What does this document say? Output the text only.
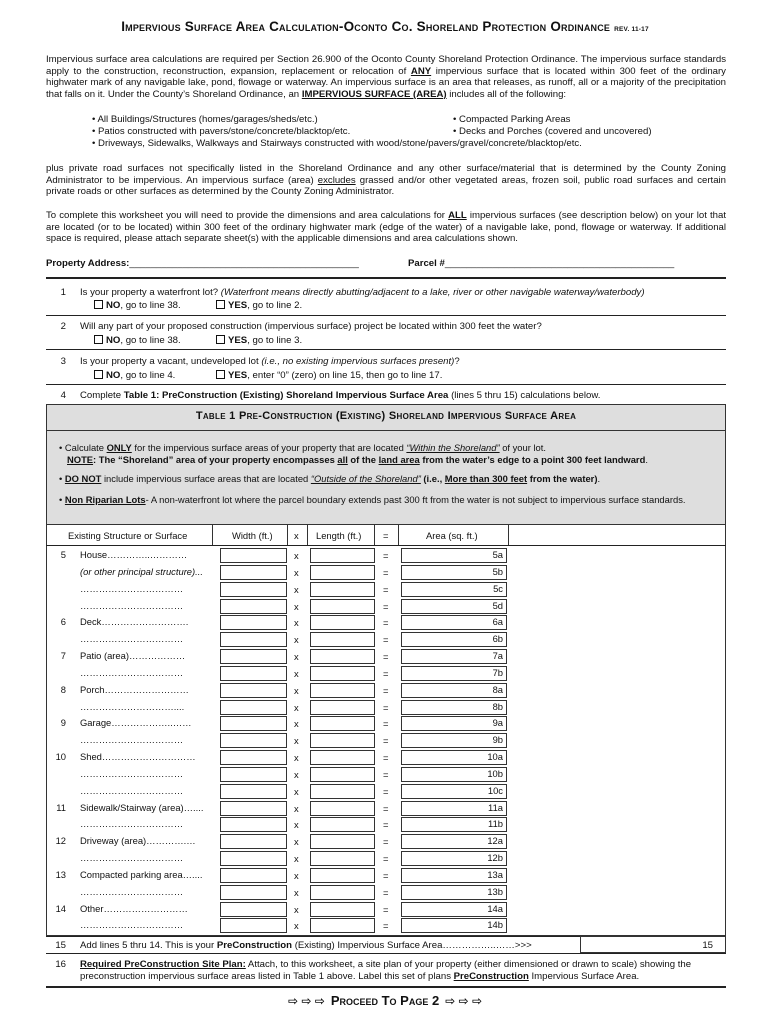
Impervious Surface Area Calculation-Oconto Co. Shoreland Protection Ordinance REV. 11-17
Impervious surface area calculations are required per Section 26.900 of the Oconto County Shoreland Protection Ordinance. The impervious surface standards apply to the construction, reconstruction, expansion, replacement or relocation of ANY impervious surface that is located within 300 feet of the ordinary highwater mark of any navigable lake, pond, flowage or waterway. An impervious surface is an area that releases, as runoff, all or a majority of the precipitation that falls on it. Under the County’s Shoreland Ordinance, an IMPERVIOUS SURFACE (AREA) includes all of the following:
• All Buildings/Structures (homes/garages/sheds/etc.)
• Patios constructed with pavers/stone/concrete/blacktop/etc.
• Compacted Parking Areas
• Decks and Porches (covered and uncovered)
• Driveways, Sidewalks, Walkways and Stairways constructed with wood/stone/pavers/gravel/concrete/blacktop/etc.
plus private road surfaces not specifically listed in the Shoreland Ordinance and any other surface/material that is determined by the County Zoning Administrator to be impervious. An impervious surface (area) excludes grassed and/or other vegetated areas, frozen soil, public road surfaces and certain private roads or other surfaces as determined by the County Zoning Administrator.
To complete this worksheet you will need to provide the dimensions and area calculations for ALL impervious surfaces (see description below) on your lot that are located (or to be located) within 300 feet of the ordinary highwater mark (edge of the water) of a navigable lake, pond, flowage or waterway. If additional space is required, please attach separate sheet(s) with the applicable dimensions and area calculations shown.
Property Address:___________________________________________	Parcel #___________________________________________
1 Is your property a waterfront lot? (Waterfront means directly abutting/adjacent to a lake, river or other navigable waterway/waterbody)
NO, go to line 38.	YES, go to line 2.
2 Will any part of your proposed construction (impervious surface) project be located within 300 feet the water?
NO, go to line 38.	YES, go to line 3.
3 Is your property a vacant, undeveloped lot (i.e., no existing impervious surfaces present)?
NO, go to line 4.	YES, enter “0” (zero) on line 15, then go to line 17.
4 Complete Table 1: PreConstruction (Existing) Shoreland Impervious Surface Area (lines 5 thru 15) calculations below.
Table 1 Pre-Construction (Existing) Shoreland Impervious Surface Area
• Calculate ONLY for the impervious surface areas of your property that are located “Within the Shoreland” of your lot.
NOTE: The “Shoreland” area of your property encompasses all of the land area from the water’s edge to a point 300 feet landward.
• DO NOT include impervious surface areas that are located “Outside of the Shoreland” (i.e., More than 300 feet from the water).
• Non Riparian Lots- A non-waterfront lot where the parcel boundary extends past 300 ft from the water is not subject to impervious surface standards.
Existing Structure or Surface	Width (ft.) x Length (ft.) =	Area (sq. ft.)
5 House…………..…………	x	=	5a
(or other principal structure)...	x	=	5b
……………………………	x	=	5c
……………………………	x	=	5d
6 Deck……………………….	x	=	6a
……………………………	x	=	6b
7 Patio (area)………………	x	=	7a
……………………………	x	=	7b
8 Porch………………………	x	=	8a
…………………………....	x	=	8b
9 Garage………………..……	x	=	9a
……………………………	x	=	9b
10 Shed…………………………	x	=	10a
……………………………	x	=	10b
……………………………	x	=	10c
11 Sidewalk/Stairway (area)…....	x	=	11a
……………………………	x	=	11b
12 Driveway (area)………….…	x	=	12a
……………………………	x	=	12b
13 Compacted parking area…....	x	=	13a
……………………………	x	=	13b
14 Other………………………	x	=	14a
……………………………	x	=	14b
15 Add lines 5 thru 14. This is your PreConstruction (Existing) Impervious Surface Area……………..……>>>	15
16 Required PreConstruction Site Plan: Attach, to this worksheet, a site plan of your property (either dimensioned or drawn to scale) showing the preconstruction impervious surface areas listed in Table 1 above. Label this set of plans PreConstruction Impervious Surface Area.
⇨ ⇨ ⇨ Proceed To Page 2 ⇨ ⇨ ⇨
